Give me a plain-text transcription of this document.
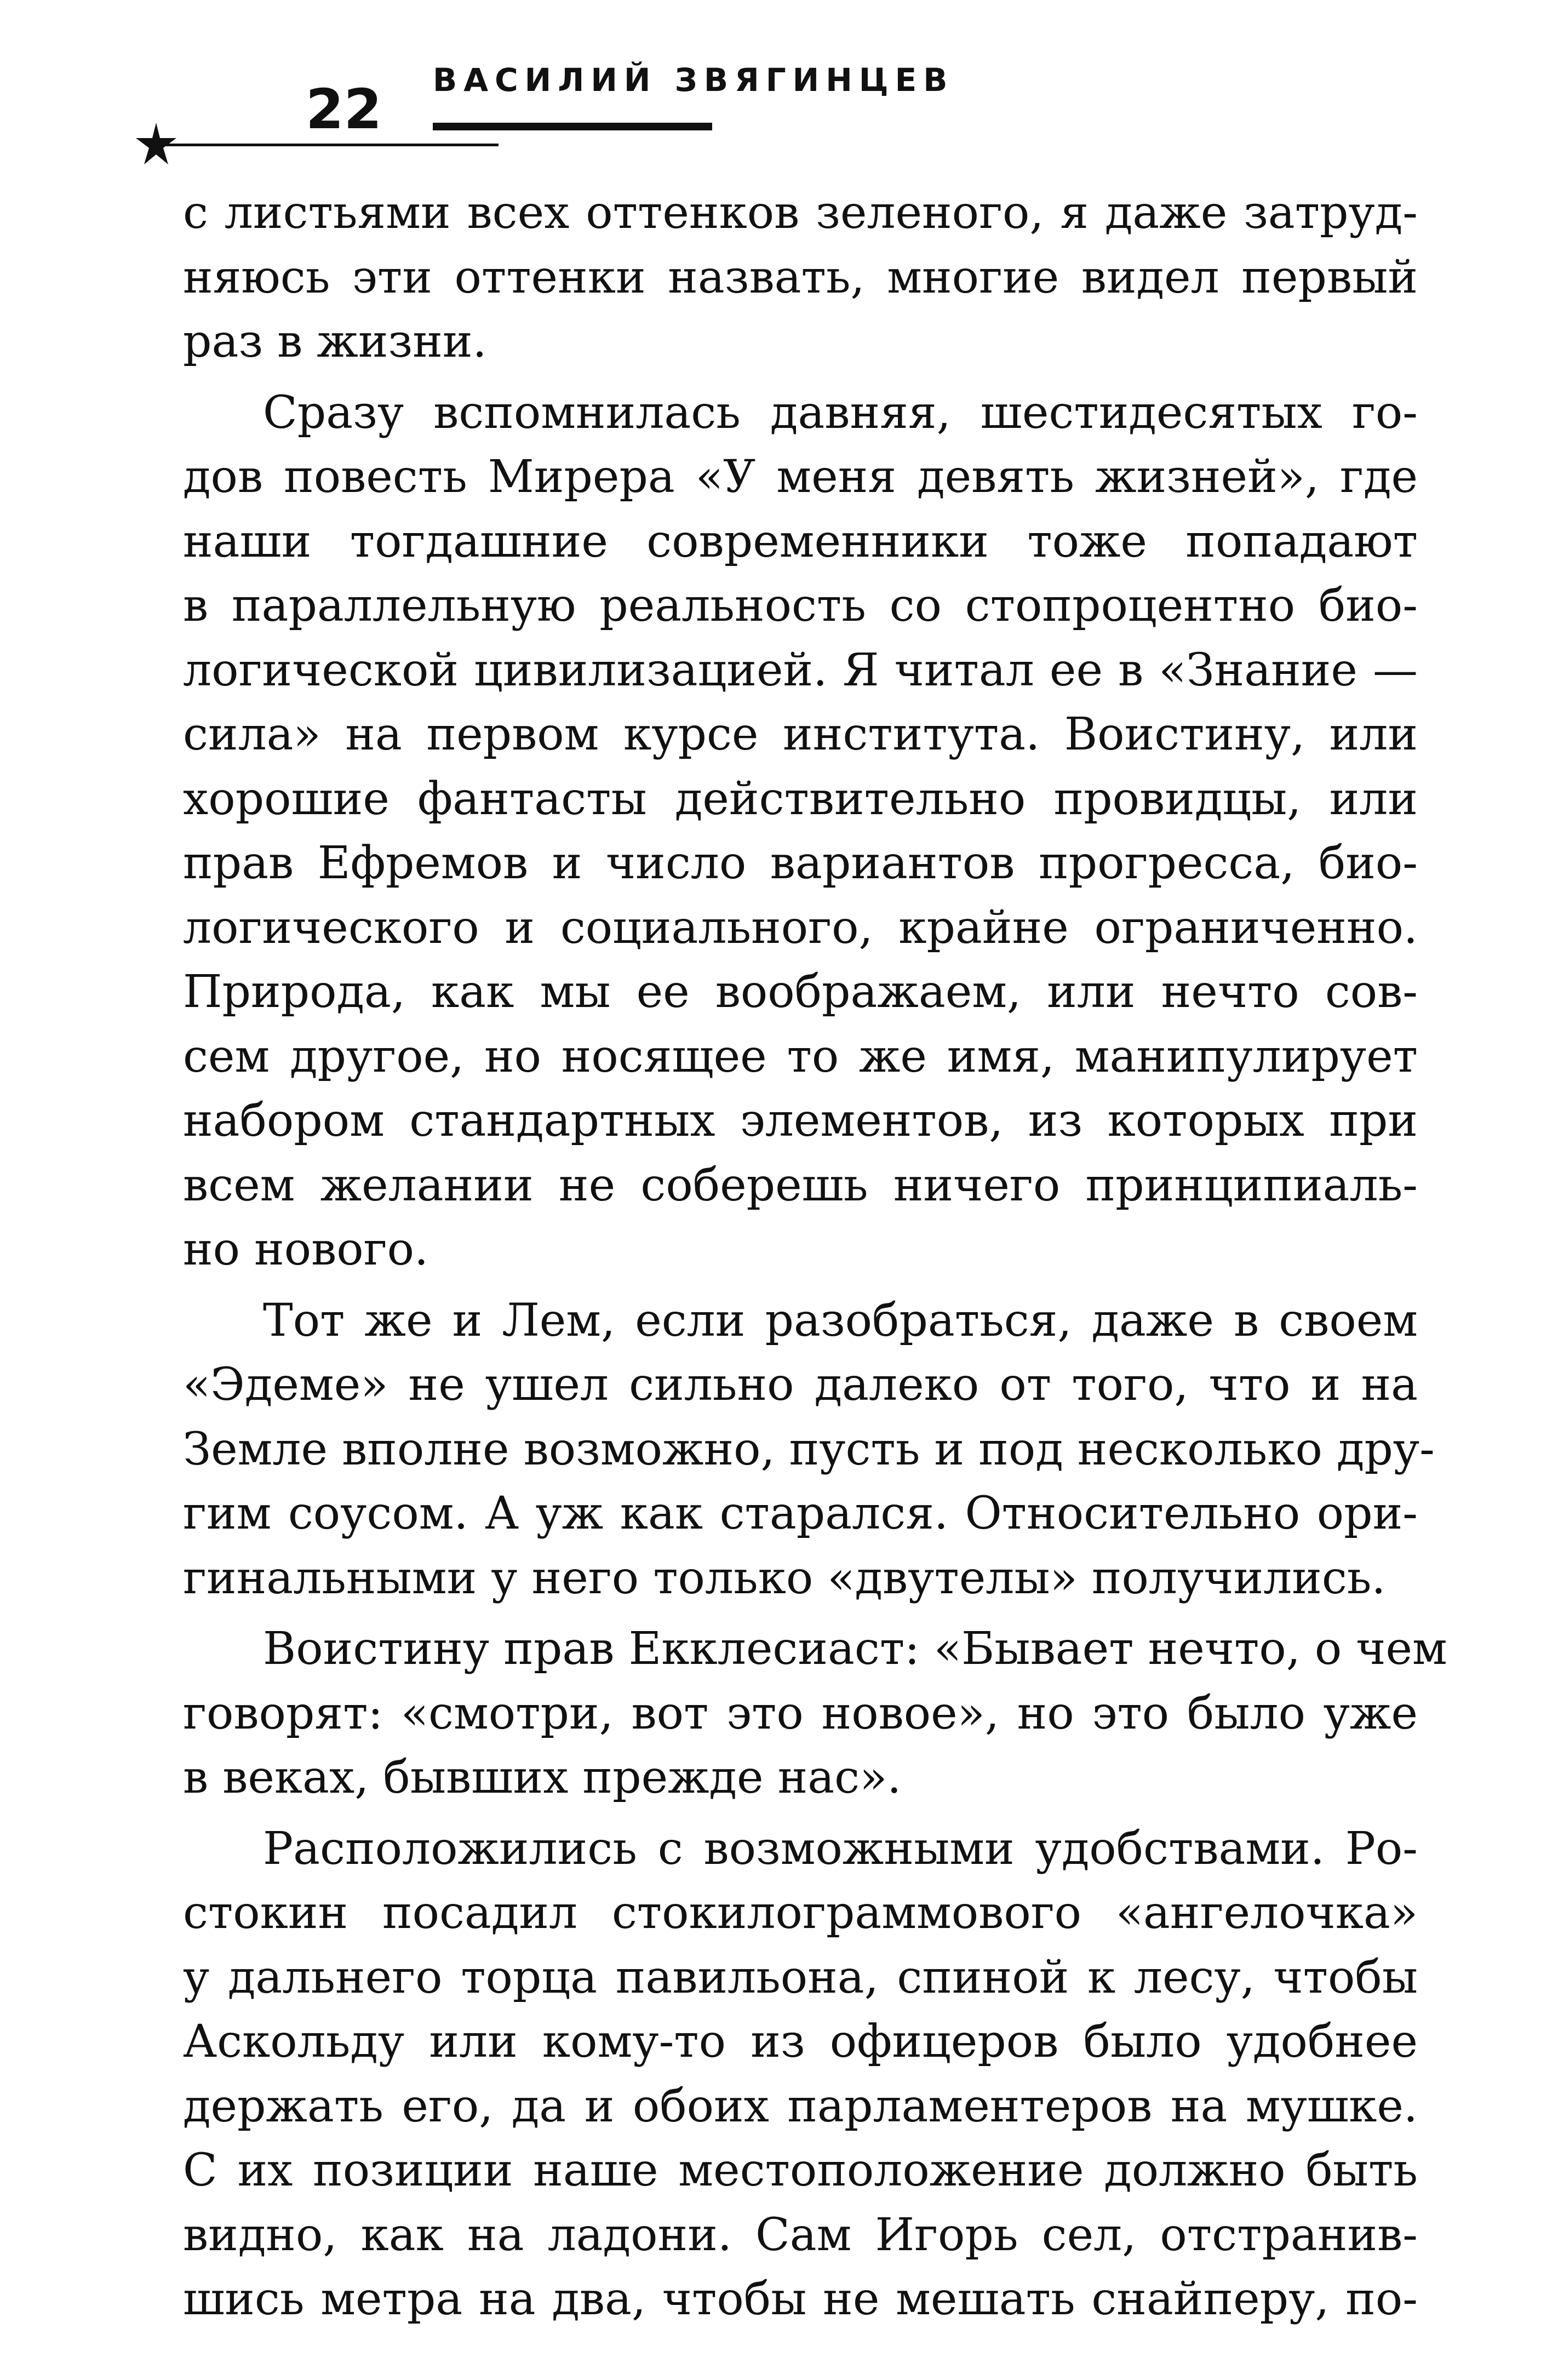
22 ВАСИЛИЙ ЗВЯГИНЦЕВ

с листьями всех оттенков зеленого, я даже затруд-
няюсь эти оттенки назвать, многие видел первый
раз в жизни.

Сразу вспомнилась давняя, шестидесятых го-
дов повесть Мирера «У меня девять жизней», где
наши тогдашние современники тоже попадают
в параллельную реальность со стопроцентно био-
логической цивилизацией. Я читал ее в «Знание —
сила» на первом курсе института. Воистину, или
хорошие фантасты действительно провидцы, или
прав Ефремов и число вариантов прогресса, био-
логического и социального, крайне ограниченно.
Природа, как мы ее воображаем, или нечто сов-
сем другое, но носящее то же имя, манипулирует
набором стандартных элементов, из которых при
всем желании не соберешь ничего принципиаль-
но нового.

Тот же и Лем, если разобраться, даже в своем
«Эдеме» не ушел сильно далеко от того, что и на
Земле вполне возможно, пусть и под несколько дру-
гим соусом. А уж как старался. Относительно ори-
гинальными у него только «двутелы» получились.

Воистину прав Екклесиаст: «Бывает нечто, о чем
говорят: «смотри, вот это новое», но это было уже
в веках, бывших прежде нас».

Расположились с возможными удобствами. Ро-
стокин посадил стокилограммового «ангелочка»
у дальнего торца павильона, спиной к лесу, чтобы
Аскольду или кому-то из офицеров было удобнее
держать его, да и обоих парламентеров на мушке.
С их позиции наше местоположение должно быть
видно, как на ладони. Сам Игорь сел, отстранив-
шись метра на два, чтобы не мешать снайперу, по-
